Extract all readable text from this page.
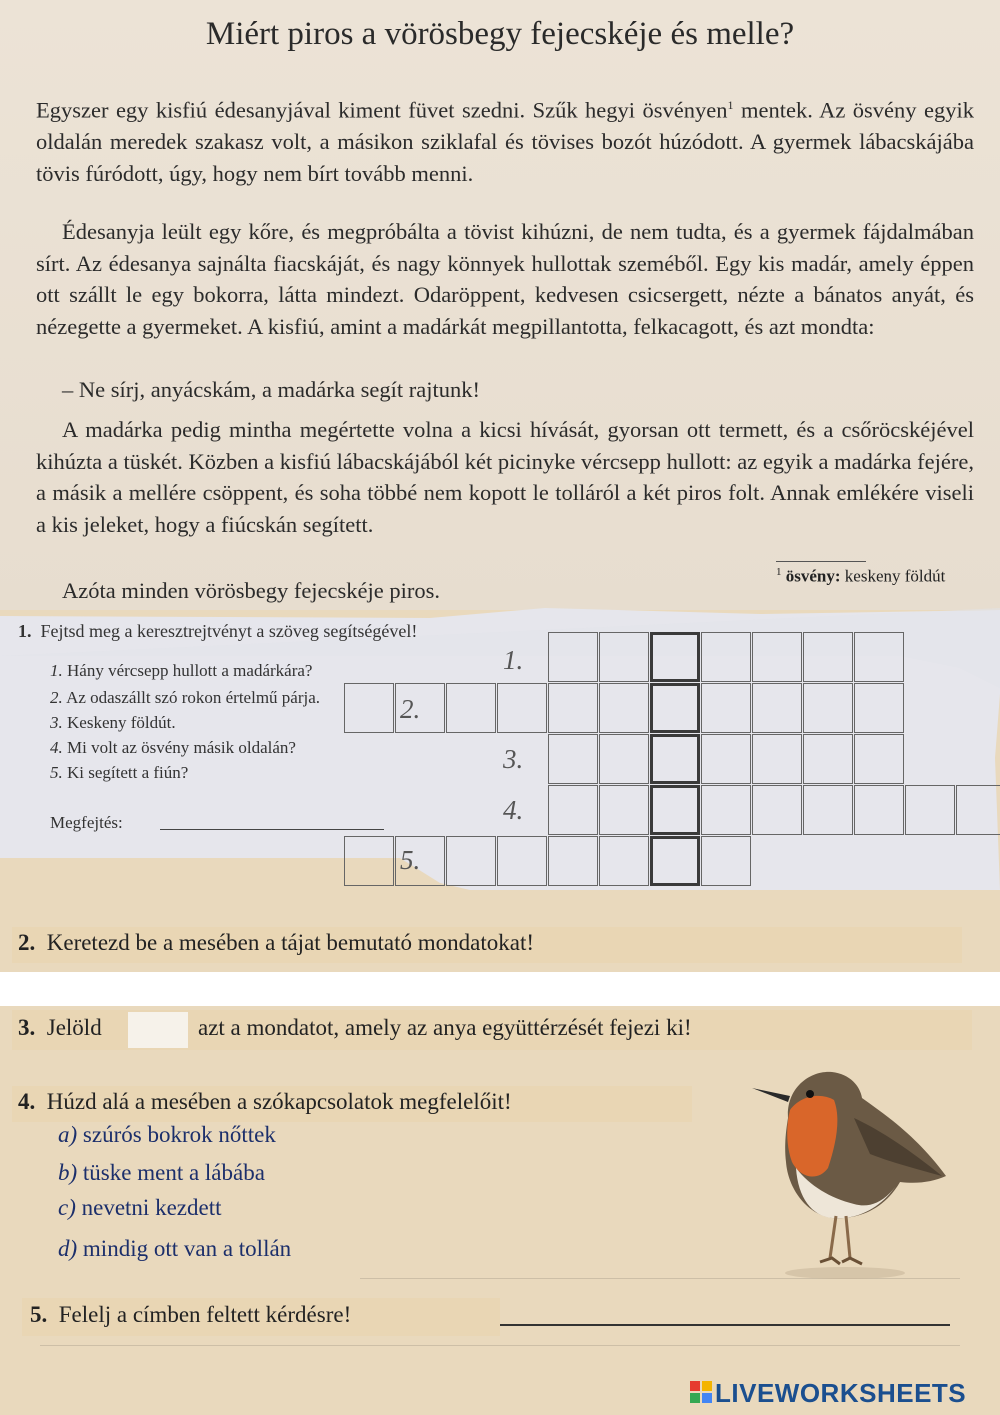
Miért piros a vörösbegy fejecskéje és melle?

Egyszer egy kisfiú édesanyjával kiment füvet szedni. Szűk hegyi ösvényen$^1$ mentek. Az ösvény egyik oldalán meredek szakasz volt, a másikon sziklafal és tövises bozót húzódott. A gyermek lábacskájába tövis fúródott, úgy, hogy nem bírt tovább menni.

Édesanyja leült egy kőre, és megpróbálta a tövist kihúzni, de nem tudta, és a gyermek fájdalmában sírt. Az édesanya sajnálta fiacskáját, és nagy könnyek hullottak szeméből. Egy kis madár, amely éppen ott szállt le egy bokorra, látta mindezt. Odaröppent, kedvesen csicsergett, nézte a bánatos anyát, és nézegette a gyermeket. A kisfiú, amint a madárkát megpillantotta, felkacagott, és azt mondta:

– Ne sírj, anyácskám, a madárka segít rajtunk!

A madárka pedig mintha megértette volna a kicsi hívását, gyorsan ott termett, és a csőröcskéjével kihúzta a tüskét. Közben a kisfiú lábacskájából két picinyke vércsepp hullott: az egyik a madárka fejére, a másik a mellére csöppent, és soha többé nem kopott le tolláról a két piros folt. Annak emlékére viseli a kis jeleket, hogy a fiúcskán segített.

Azóta minden vörösbegy fejecskéje piros.

$^1$ ösvény: keskeny földút
1. Fejtsd meg a keresztrejtvényt a szöveg segítségével!
1. Hány vércsepp hullott a madárkára?
2. Az odaszállt szó rokon értelmű párja.
3. Keskeny földút.
4. Mi volt az ösvény másik oldalán?
5. Ki segített a fiún?
Megfejtés:
1.
2.
3.
4.
5.
2. Keretezd be a mesében a tájat bemutató mondatokat!
3. Jelöld	azt a mondatot, amely az anya együttérzését fejezi ki!
4. Húzd alá a mesében a szókapcsolatok megfelelőit!
a) szúrós bokrok nőttek
b) tüske ment a lábába
c) nevetni kezdett
d) mindig ott van a tollán
5. Felelj a címben feltett kérdésre!
LIVEWORKSHEETS
